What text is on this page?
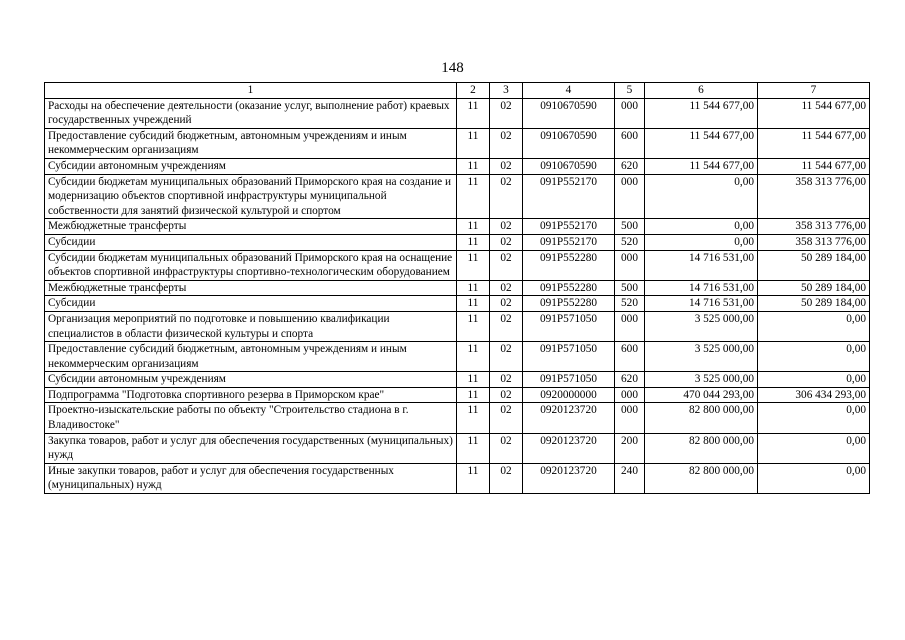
148
1	2	3	4	5	6	7
Расходы на обеспечение деятельности (оказание услуг, выполнение работ) краевых государственных учреждений	11	02	0910670590	000	11 544 677,00	11 544 677,00
Предоставление субсидий бюджетным, автономным учреждениям и иным некоммерческим организациям	11	02	0910670590	600	11 544 677,00	11 544 677,00
Субсидии автономным учреждениям	11	02	0910670590	620	11 544 677,00	11 544 677,00
Субсидии бюджетам муниципальных образований Приморского края на создание и модернизацию объектов спортивной инфраструктуры муниципальной собственности для занятий физической культурой и спортом	11	02	091P552170	000	0,00	358 313 776,00
Межбюджетные трансферты	11	02	091P552170	500	0,00	358 313 776,00
Субсидии	11	02	091P552170	520	0,00	358 313 776,00
Субсидии бюджетам муниципальных образований Приморского края на оснащение объектов спортивной инфраструктуры спортивно-технологическим оборудованием	11	02	091P552280	000	14 716 531,00	50 289 184,00
Межбюджетные трансферты	11	02	091P552280	500	14 716 531,00	50 289 184,00
Субсидии	11	02	091P552280	520	14 716 531,00	50 289 184,00
Организация мероприятий по подготовке и повышению квалификации специалистов в области физической культуры и спорта	11	02	091P571050	000	3 525 000,00	0,00
Предоставление субсидий бюджетным, автономным учреждениям и иным некоммерческим организациям	11	02	091P571050	600	3 525 000,00	0,00
Субсидии автономным учреждениям	11	02	091P571050	620	3 525 000,00	0,00
Подпрограмма "Подготовка спортивного резерва в Приморском крае"	11	02	0920000000	000	470 044 293,00	306 434 293,00
Проектно-изыскательские работы по объекту "Строительство стадиона в г. Владивостоке"	11	02	0920123720	000	82 800 000,00	0,00
Закупка товаров, работ и услуг для обеспечения государственных (муниципальных) нужд	11	02	0920123720	200	82 800 000,00	0,00
Иные закупки товаров, работ и услуг для обеспечения государственных (муниципальных) нужд	11	02	0920123720	240	82 800 000,00	0,00
